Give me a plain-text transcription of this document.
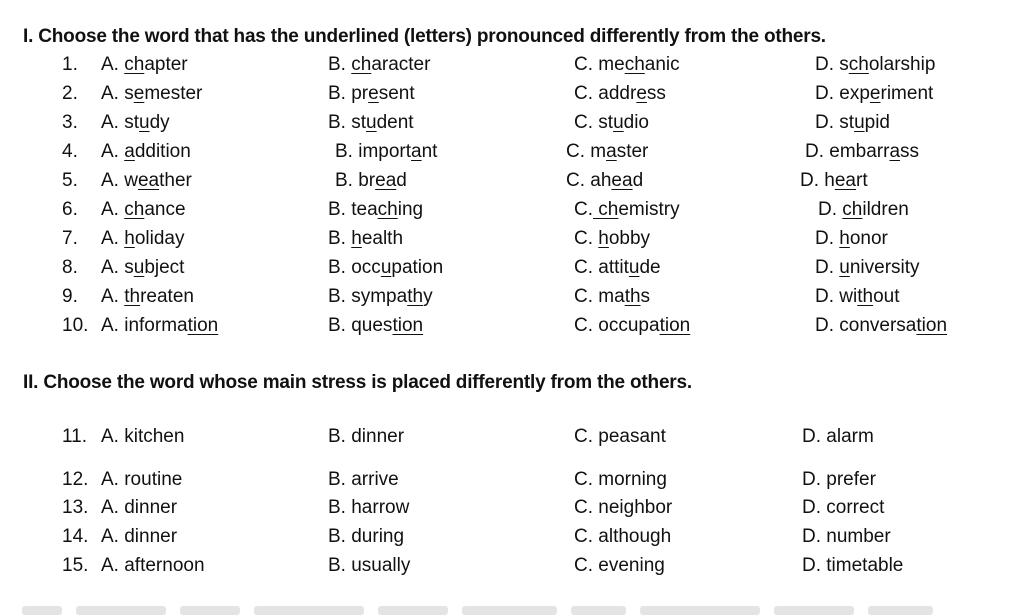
I. Choose the word that has the underlined (letters) pronounced differently from the others.
1. A. chapter	B. character	C. mechanic	D. scholarship
2. A. semester	B. present	C. address	D. experiment
3. A. study	B. student	C. studio	D. stupid
4. A. addition	B. important	C. master	D. embarrass
5. A. weather	B. bread	C. ahead	D. heart
6. A. chance	B. teaching	C. chemistry	D. children
7. A. holiday	B. health	C. hobby	D. honor
8. A. subject	B. occupation	C. attitude	D. university
9. A. threaten	B. sympathy	C. maths	D. without
10. A. information	B. question	C. occupation	D. conversation
II. Choose the word whose main stress is placed differently from the others.
11. A. kitchen	B. dinner	C. peasant	D. alarm
12. A. routine	B. arrive	C. morning	D. prefer
13. A. dinner	B. harrow	C. neighbor	D. correct
14. A. dinner	B. during	C. although	D. number
15. A. afternoon	B. usually	C. evening	D. timetable
